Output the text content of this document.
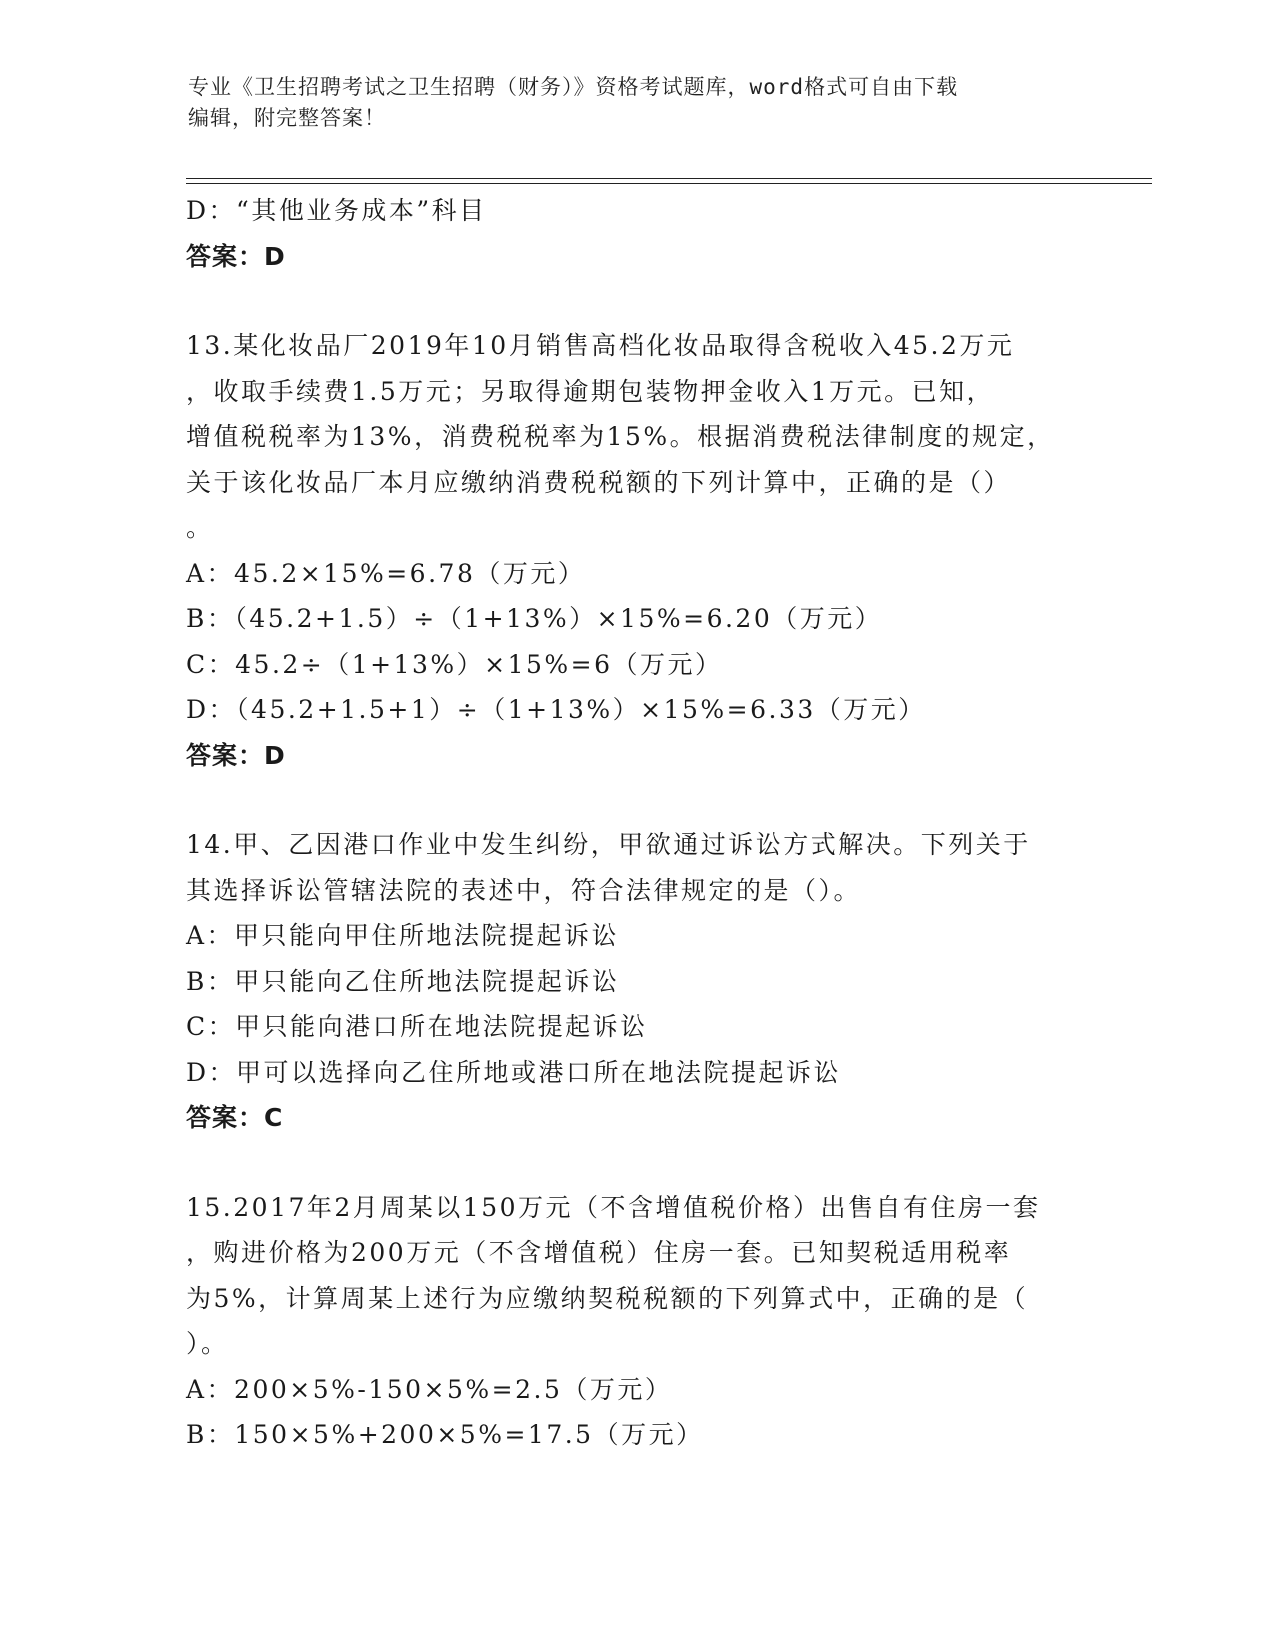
专业《卫生招聘考试之卫生招聘（财务）》资格考试题库，word格式可自由下载
编辑，附完整答案！
D：“其他业务成本”科目
答案：D
13.某化妆品厂2019年10月销售高档化妆品取得含税收入45.2万元
，收取手续费1.5万元；另取得逾期包装物押金收入1万元。已知，
增值税税率为13%，消费税税率为15%。根据消费税法律制度的规定，
关于该化妆品厂本月应缴纳消费税税额的下列计算中，正确的是（）
。
A：45.2×15%=6.78（万元）
B：（45.2+1.5）÷（1+13%）×15%=6.20（万元）
C：45.2÷（1+13%）×15%=6（万元）
D：（45.2+1.5+1）÷（1+13%）×15%=6.33（万元）
答案：D
14.甲、乙因港口作业中发生纠纷，甲欲通过诉讼方式解决。下列关于
其选择诉讼管辖法院的表述中，符合法律规定的是（）。
A：甲只能向甲住所地法院提起诉讼
B：甲只能向乙住所地法院提起诉讼
C：甲只能向港口所在地法院提起诉讼
D：甲可以选择向乙住所地或港口所在地法院提起诉讼
答案：C
15.2017年2月周某以150万元（不含增值税价格）出售自有住房一套
，购进价格为200万元（不含增值税）住房一套。已知契税适用税率
为5%，计算周某上述行为应缴纳契税税额的下列算式中，正确的是（
）。
A：200×5%-150×5%=2.5（万元）
B：150×5%+200×5%=17.5（万元）
